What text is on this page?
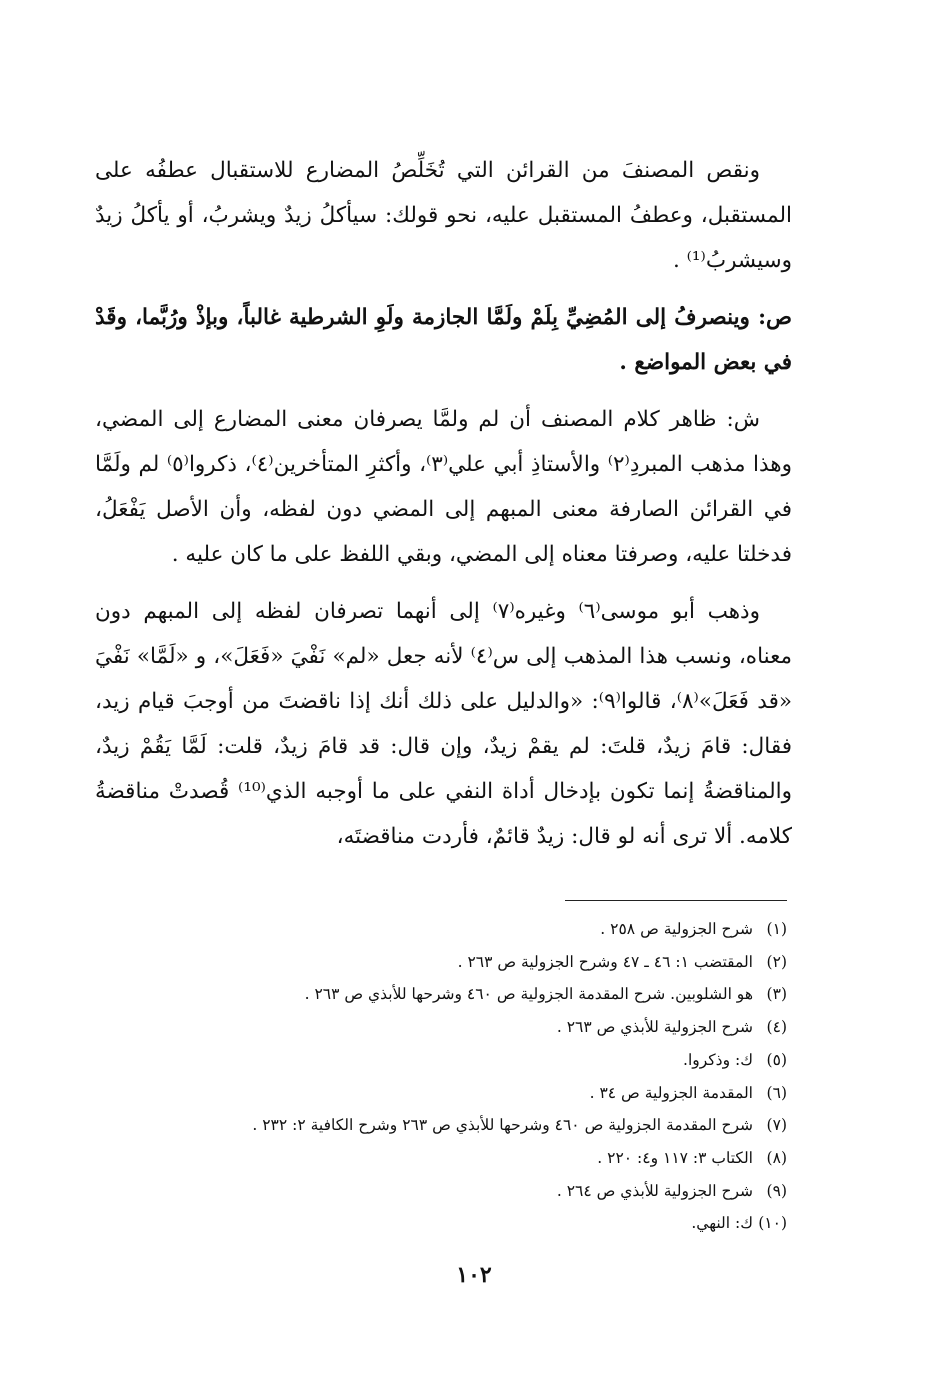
ونقص المصنفَ من القرائن التي تُخَلِّصُ المضارع للاستقبال عطفُه على المستقبل، وعطفُ المستقبل عليه، نحو قولك: سيأكلُ زيدٌ ويشربُ، أو يأكلُ زيدٌ وسيشربُ⁽¹⁾ .

ص: وينصرفُ إلى المُضِيِّ بِلَمْ ولَمَّا الجازمة ولَوِ الشرطية غالباً، وبإذْ ورُبَّما، وقَدْ في بعض المواضع .

ش: ظاهر كلام المصنف أن لم ولمَّا يصرفان معنى المضارع إلى المضي، وهذا مذهب المبردِ⁽٢⁾ والأستاذِ أبي علي⁽٣⁾، وأكثرِ المتأخرين⁽٤⁾، ذكروا⁽٥⁾ لم ولَمَّا في القرائن الصارفة معنى المبهم إلى المضي دون لفظه، وأن الأصل يَفْعَلُ، فدخلتا عليه، وصرفتا معناه إلى المضي، وبقي اللفظ على ما كان عليه .

وذهب أبو موسى⁽٦⁾ وغيره⁽٧⁾ إلى أنهما تصرفان لفظه إلى المبهم دون معناه، ونسب هذا المذهب إلى س⁽٤⁾ لأنه جعل «لم» نَفْيَ «فَعَلَ»، و «لَمَّا» نَفْيَ «قد فَعَلَ»⁽٨⁾، قالوا⁽٩⁾: «والدليل على ذلك أنك إذا ناقضتَ من أوجبَ قيام زيد، فقال: قامَ زيدٌ، قلتَ: لم يقمْ زيدٌ، وإن قال: قد قامَ زيدٌ، قلت: لَمَّا يَقُمْ زيدٌ، والمناقضةُ إنما تكون بإدخال أداة النفي على ما أوجبه الذي⁽¹⁰⁾ قُصدتْ مناقضةُ كلامه. ألا ترى أنه لو قال: زيدٌ قائمٌ، فأردت مناقضتَه،

(١)شرح الجزولية ص ٢٥٨ .
(٢)المقتضب ١: ٤٦ ـ ٤٧ وشرح الجزولية ص ٢٦٣ .
(٣)هو الشلوبين. شرح المقدمة الجزولية ص ٤٦٠ وشرحها للأبذي ص ٢٦٣ .
(٤)شرح الجزولية للأبذي ص ٢٦٣ .
(٥)ك: وذكروا.
(٦)المقدمة الجزولية ص ٣٤ .
(٧)شرح المقدمة الجزولية ص ٤٦٠ وشرحها للأبذي ص ٢٦٣ وشرح الكافية ٢: ٢٣٢ .
(٨)الكتاب ٣: ١١٧ و٤: ٢٢٠ .
(٩)شرح الجزولية للأبذي ص ٢٦٤ .
(١٠)ك: النهي.
١٠٢
